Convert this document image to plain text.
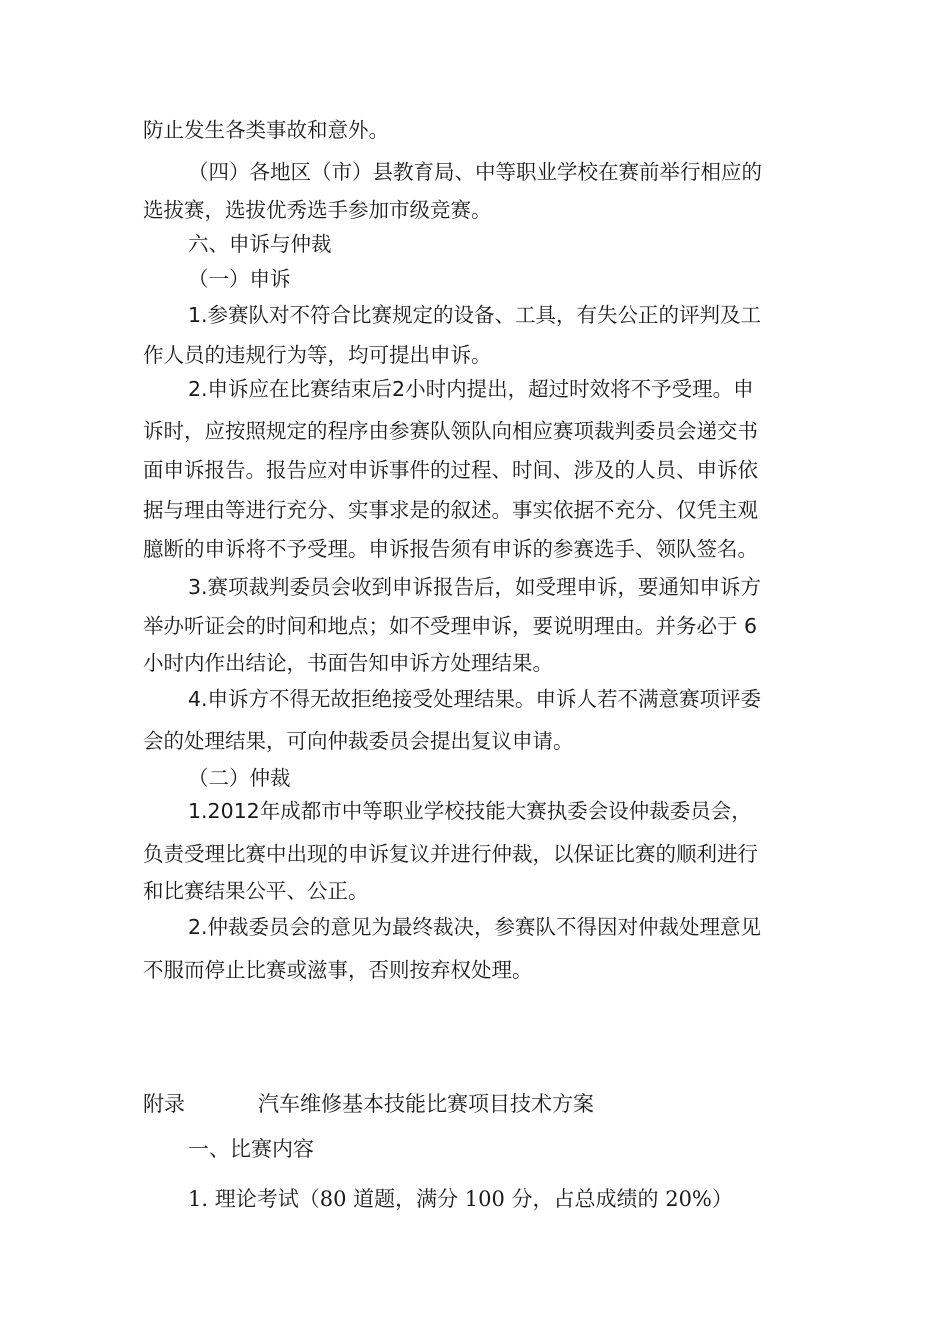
防止发生各类事故和意外。
（四）各地区（市）县教育局、中等职业学校在赛前举行相应的
选拔赛，选拔优秀选手参加市级竞赛。
六、申诉与仲裁
（一）申诉
1.参赛队对不符合比赛规定的设备、工具，有失公正的评判及工
作人员的违规行为等，均可提出申诉。
2.申诉应在比赛结束后2小时内提出，超过时效将不予受理。申
诉时，应按照规定的程序由参赛队领队向相应赛项裁判委员会递交书
面申诉报告。报告应对申诉事件的过程、时间、涉及的人员、申诉依
据与理由等进行充分、实事求是的叙述。事实依据不充分、仅凭主观
臆断的申诉将不予受理。申诉报告须有申诉的参赛选手、领队签名。
3.赛项裁判委员会收到申诉报告后，如受理申诉，要通知申诉方
举办听证会的时间和地点；如不受理申诉，要说明理由。并务必于 6
小时内作出结论，书面告知申诉方处理结果。
4.申诉方不得无故拒绝接受处理结果。申诉人若不满意赛项评委
会的处理结果，可向仲裁委员会提出复议申请。
（二）仲裁
1.2012年成都市中等职业学校技能大赛执委会设仲裁委员会，
负责受理比赛中出现的申诉复议并进行仲裁，以保证比赛的顺利进行
和比赛结果公平、公正。
2.仲裁委员会的意见为最终裁决，参赛队不得因对仲裁处理意见
不服而停止比赛或滋事，否则按弃权处理。
附录	汽车维修基本技能比赛项目技术方案
一、比赛内容
1. 理论考试（80 道题，满分 100 分，占总成绩的 20%）
